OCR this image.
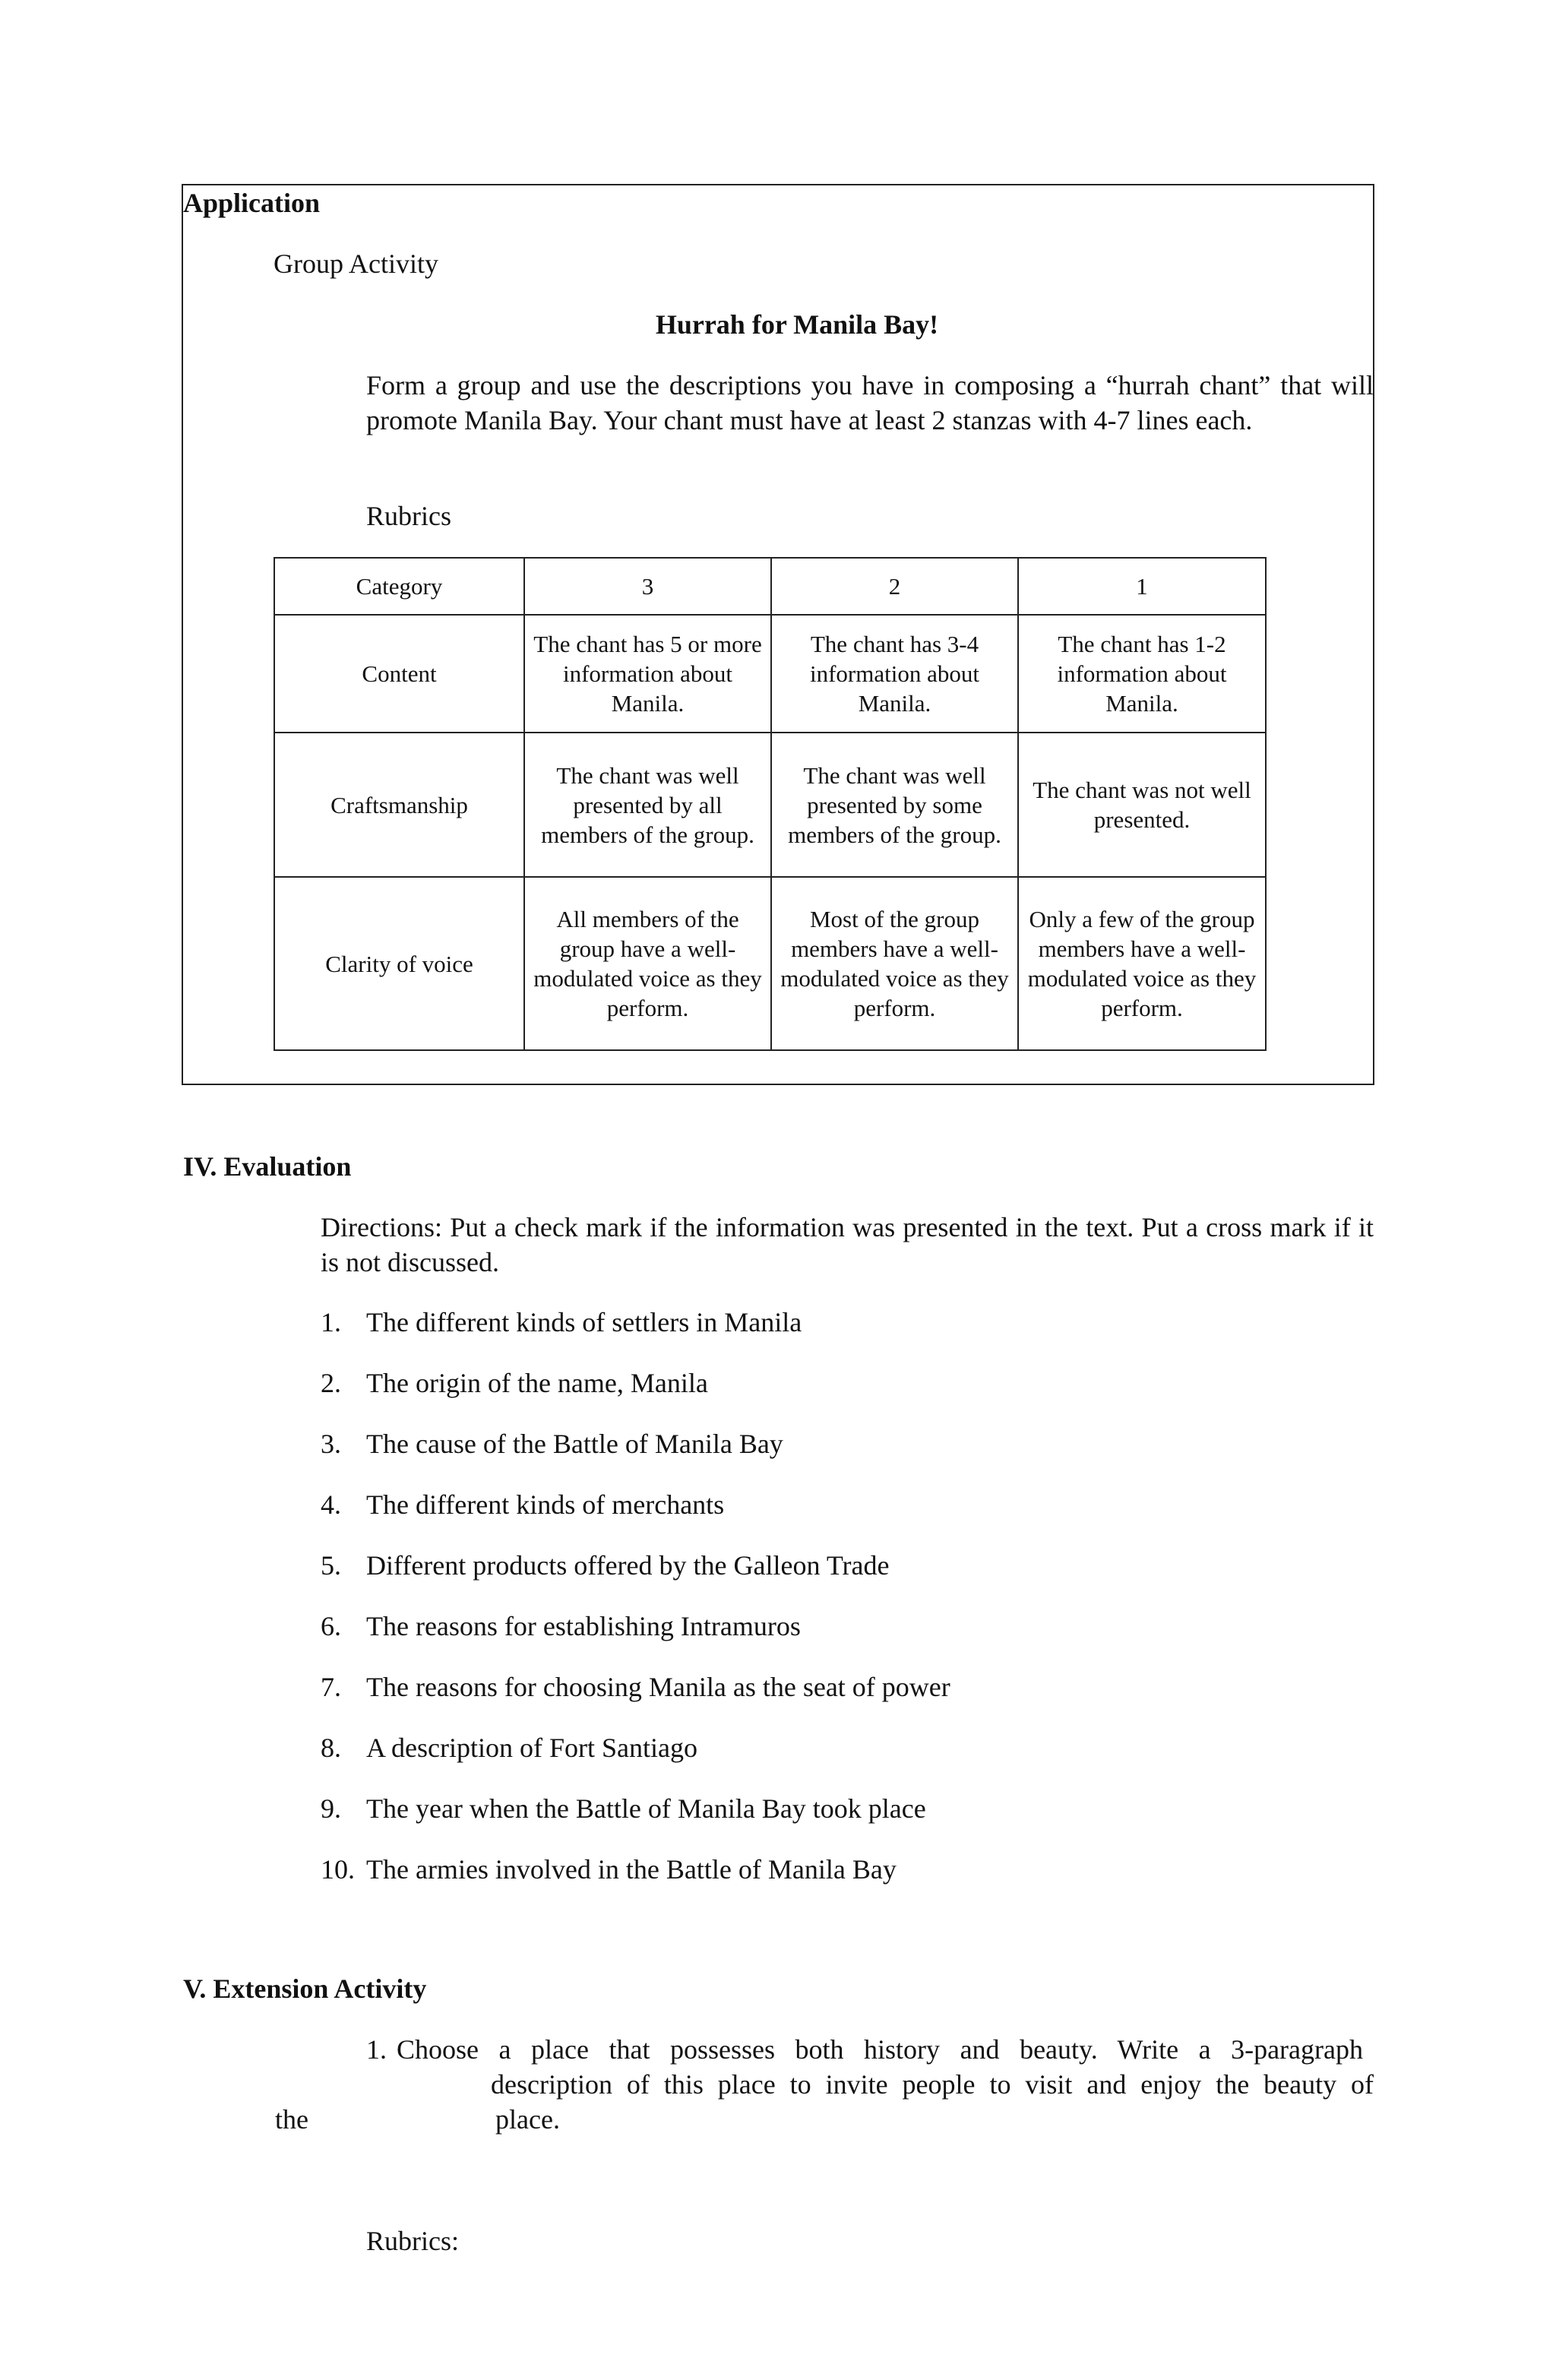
Application
Group Activity
Hurrah for Manila Bay!
Form a group and use the descriptions you have in composing a “hurrah chant” that will promote Manila Bay. Your chant must have at least 2 stanzas with 4-7 lines each.
Rubrics
Category	3	2	1
Content	The chant has 5 or more information about Manila.	The chant has 3-4 information about Manila.	The chant has 1-2 information about Manila.
Craftsmanship	The chant was well presented by all members of the group.	The chant was well presented by some members of the group.	The chant was not well presented.
Clarity of voice	All members of the group have a well-modulated voice as they perform.	Most of the group members have a well-modulated voice as they perform.	Only a few of the group members have a well-modulated voice as they perform.
IV. Evaluation
Directions: Put a check mark if the information was presented in the text. Put a cross mark if it is not discussed.
1. The different kinds of settlers in Manila
2. The origin of the name, Manila
3. The cause of the Battle of Manila Bay
4. The different kinds of merchants
5. Different products offered by the Galleon Trade
6. The reasons for establishing Intramuros
7. The reasons for choosing Manila as the seat of power
8. A description of Fort Santiago
9. The year when the Battle of Manila Bay took place
10. The armies involved in the Battle of Manila Bay
V. Extension Activity
1. Choose a place that possesses both history and beauty. Write a 3-paragraph
description of this place to invite people to visit and enjoy the beauty of
the	place.
Rubrics:
